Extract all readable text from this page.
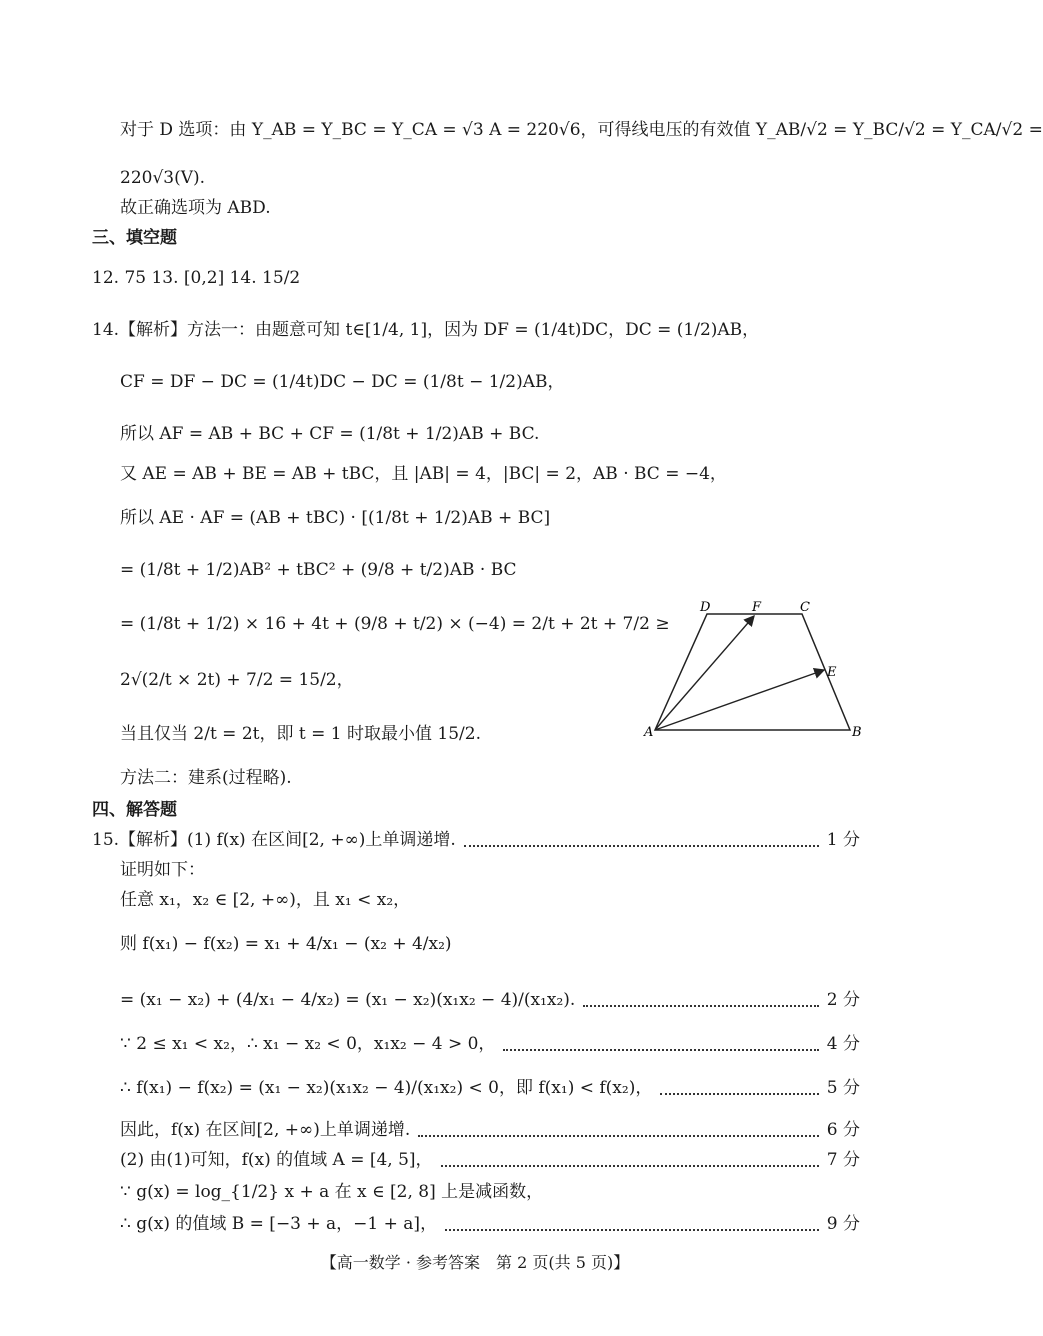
对于 D 选项：由 Y_AB = Y_BC = Y_CA = √3 A = 220√6，可得线电压的有效值 Y_AB/√2 = Y_BC/√2 = Y_CA/√2 =
220√3(V).
故正确选项为 ABD.
三、填空题
12. 75 13. [0,2] 14. 15/2
14.【解析】方法一：由题意可知 t∈[1/4, 1]，因为 DF = (1/4t)DC，DC = (1/2)AB，
CF = DF − DC = (1/4t)DC − DC = (1/8t − 1/2)AB，
所以 AF = AB + BC + CF = (1/8t + 1/2)AB + BC.
又 AE = AB + BE = AB + tBC，且 |AB| = 4，|BC| = 2，AB · BC = −4，
所以 AE · AF = (AB + tBC) · [(1/8t + 1/2)AB + BC]
= (1/8t + 1/2)AB² + tBC² + (9/8 + t/2)AB · BC
= (1/8t + 1/2) × 16 + 4t + (9/8 + t/2) × (−4) = 2/t + 2t + 7/2 ≥
2√(2/t × 2t) + 7/2 = 15/2，
当且仅当 2/t = 2t，即 t = 1 时取最小值 15/2.
方法二：建系(过程略).
A	B
C
D
E
F
四、解答题
15.【解析】(1) f(x) 在区间[2, +∞)上单调递增.	1 分
证明如下：
任意 x₁，x₂ ∈ [2, +∞)，且 x₁ < x₂，
则 f(x₁) − f(x₂) = x₁ + 4/x₁ − (x₂ + 4/x₂)
= (x₁ − x₂) + (4/x₁ − 4/x₂) = (x₁ − x₂)(x₁x₂ − 4)/(x₁x₂).	2 分
∵ 2 ≤ x₁ < x₂，∴ x₁ − x₂ < 0，x₁x₂ − 4 > 0，	4 分
∴ f(x₁) − f(x₂) = (x₁ − x₂)(x₁x₂ − 4)/(x₁x₂) < 0，即 f(x₁) < f(x₂)，	5 分
因此，f(x) 在区间[2, +∞)上单调递增.	6 分
(2) 由(1)可知，f(x) 的值域 A = [4, 5]，	7 分
∵ g(x) = log_{1/2} x + a 在 x ∈ [2, 8] 上是减函数，
∴ g(x) 的值域 B = [−3 + a，−1 + a]，	9 分
【高一数学 · 参考答案　第 2 页(共 5 页)】
